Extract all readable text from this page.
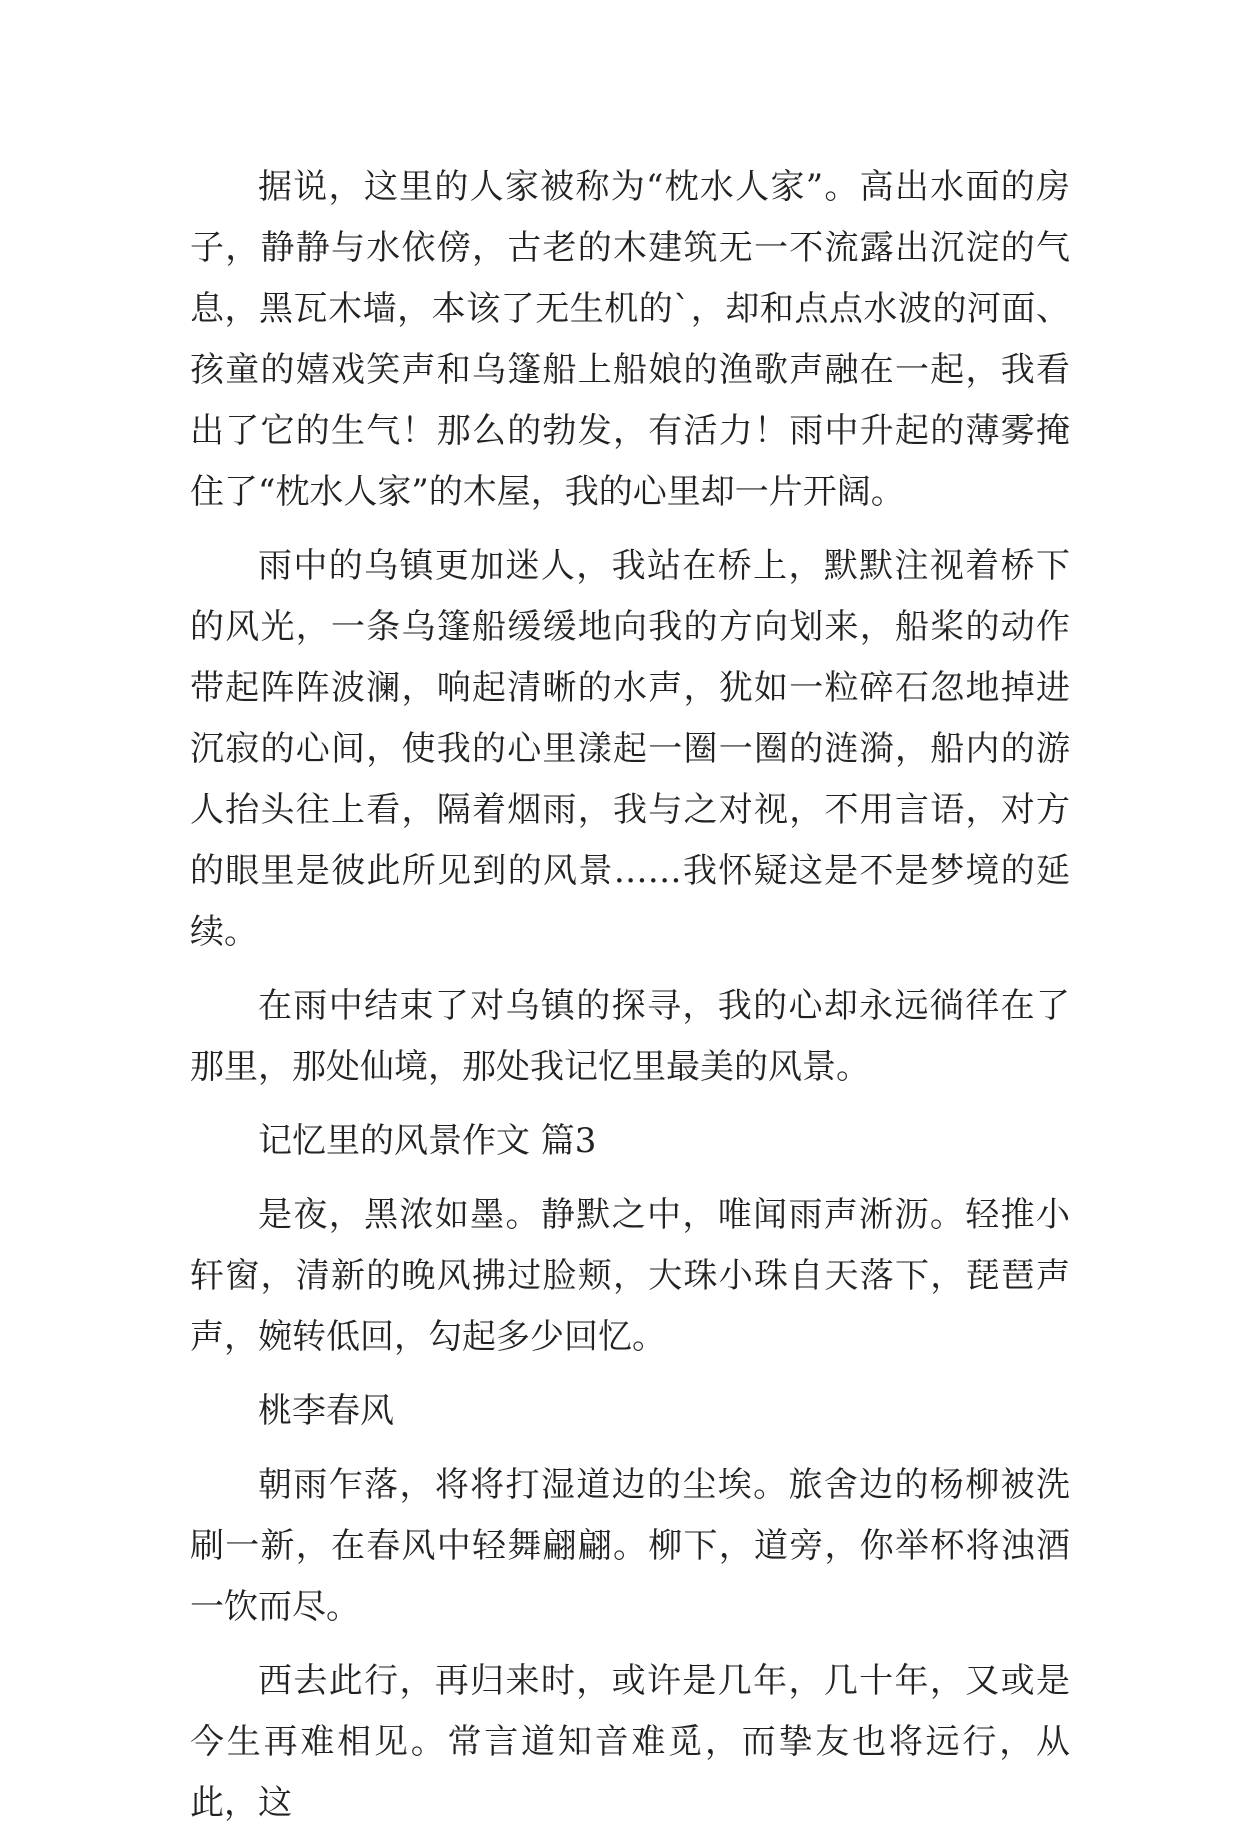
据说，这里的人家被称为“枕水人家”。高出水面的房子，静静与水依傍，古老的木建筑无一不流露出沉淀的气息，黑瓦木墙，本该了无生机的`，却和点点水波的河面、孩童的嬉戏笑声和乌篷船上船娘的渔歌声融在一起，我看出了它的生气！那么的勃发，有活力！雨中升起的薄雾掩住了“枕水人家”的木屋，我的心里却一片开阔。

雨中的乌镇更加迷人，我站在桥上，默默注视着桥下的风光，一条乌篷船缓缓地向我的方向划来，船桨的动作带起阵阵波澜，响起清晰的水声，犹如一粒碎石忽地掉进沉寂的心间，使我的心里漾起一圈一圈的涟漪，船内的游人抬头往上看，隔着烟雨，我与之对视，不用言语，对方的眼里是彼此所见到的风景……我怀疑这是不是梦境的延续。

在雨中结束了对乌镇的探寻，我的心却永远徜徉在了那里，那处仙境，那处我记忆里最美的风景。

记忆里的风景作文 篇3

是夜，黑浓如墨。静默之中，唯闻雨声淅沥。轻推小轩窗，清新的晚风拂过脸颊，大珠小珠自天落下，琵琶声声，婉转低回，勾起多少回忆。

桃李春风

朝雨乍落，将将打湿道边的尘埃。旅舍边的杨柳被洗刷一新，在春风中轻舞翩翩。柳下，道旁，你举杯将浊酒一饮而尽。

西去此行，再归来时，或许是几年，几十年，又或是今生再难相见。常言道知音难觅，而挚友也将远行，从此，这
